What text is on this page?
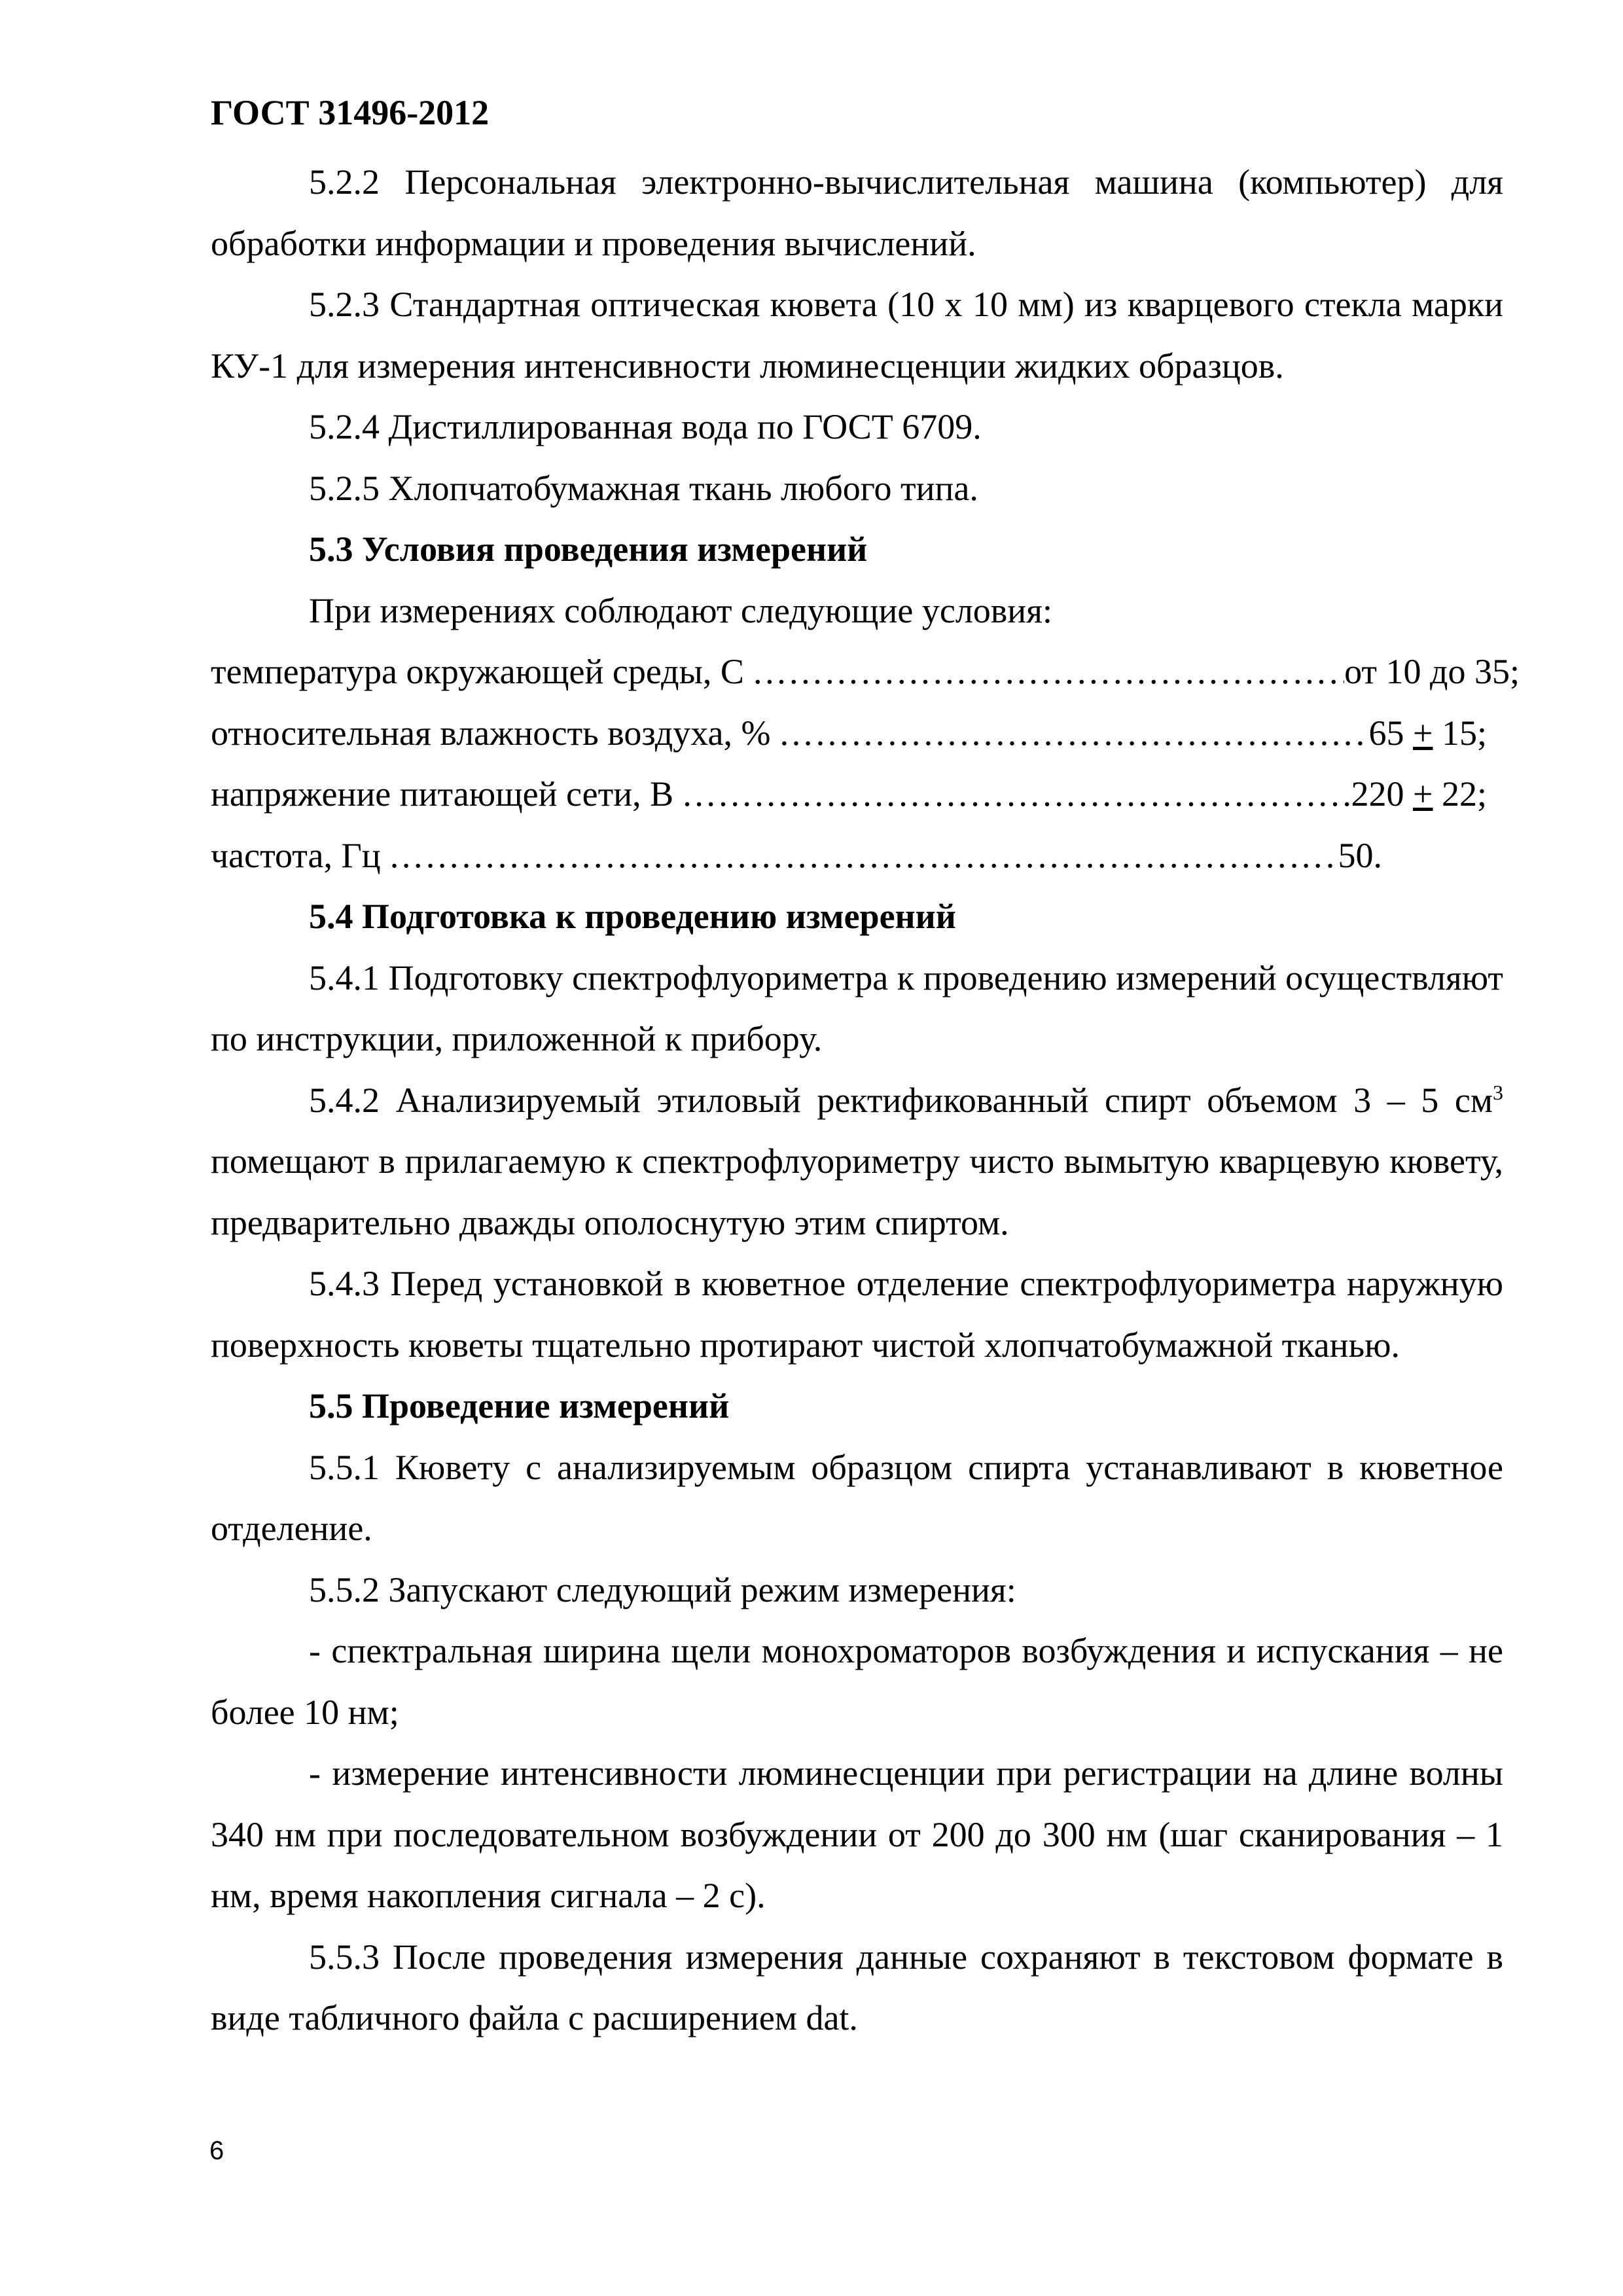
ГОСТ 31496-2012

5.2.2 Персональная электронно-вычислительная машина (компьютер) для обработки информации и проведения вычислений.

5.2.3 Стандартная оптическая кювета (10 х 10 мм) из кварцевого стекла марки КУ-1 для измерения интенсивности люминесценции жидких образцов.

5.2.4 Дистиллированная вода по ГОСТ 6709.

5.2.5 Хлопчатобумажная ткань любого типа.

5.3 Условия проведения измерений

При измерениях соблюдают следующие условия:

температура окружающей среды, С ……………………………………………………………………………………………………………………………	от 10 до 35;
относительная влажность воздуха, % ……………………………………………………………………………………………………………………………	65 + 15;
напряжение питающей сети, В ……………………………………………………………………………………………………………………………	220 + 22;
частота, Гц ……………………………………………………………………………………………………………………………	50.

5.4 Подготовка к проведению измерений

5.4.1 Подготовку спектрофлуориметра к проведению измерений осуществляют по инструкции, приложенной к прибору.

5.4.2 Анализируемый этиловый ректификованный спирт объемом 3 – 5 $см^3$ помещают в прилагаемую к спектрофлуориметру чисто вымытую кварцевую кювету, предварительно дважды ополоснутую этим спиртом.

5.4.3 Перед установкой в кюветное отделение спектрофлуориметра наружную поверхность кюветы тщательно протирают чистой хлопчатобумажной тканью.

5.5 Проведение измерений

5.5.1 Кювету с анализируемым образцом спирта устанавливают в кюветное отделение.

5.5.2 Запускают следующий режим измерения:

- спектральная ширина щели монохроматоров возбуждения и испускания – не более 10 нм;

- измерение интенсивности люминесценции при регистрации на длине волны 340 нм при последовательном возбуждении от 200 до 300 нм (шаг сканирования – 1 нм, время накопления сигнала – 2 с).

5.5.3 После проведения измерения данные сохраняют в текстовом формате в виде табличного файла с расширением dat.

6
